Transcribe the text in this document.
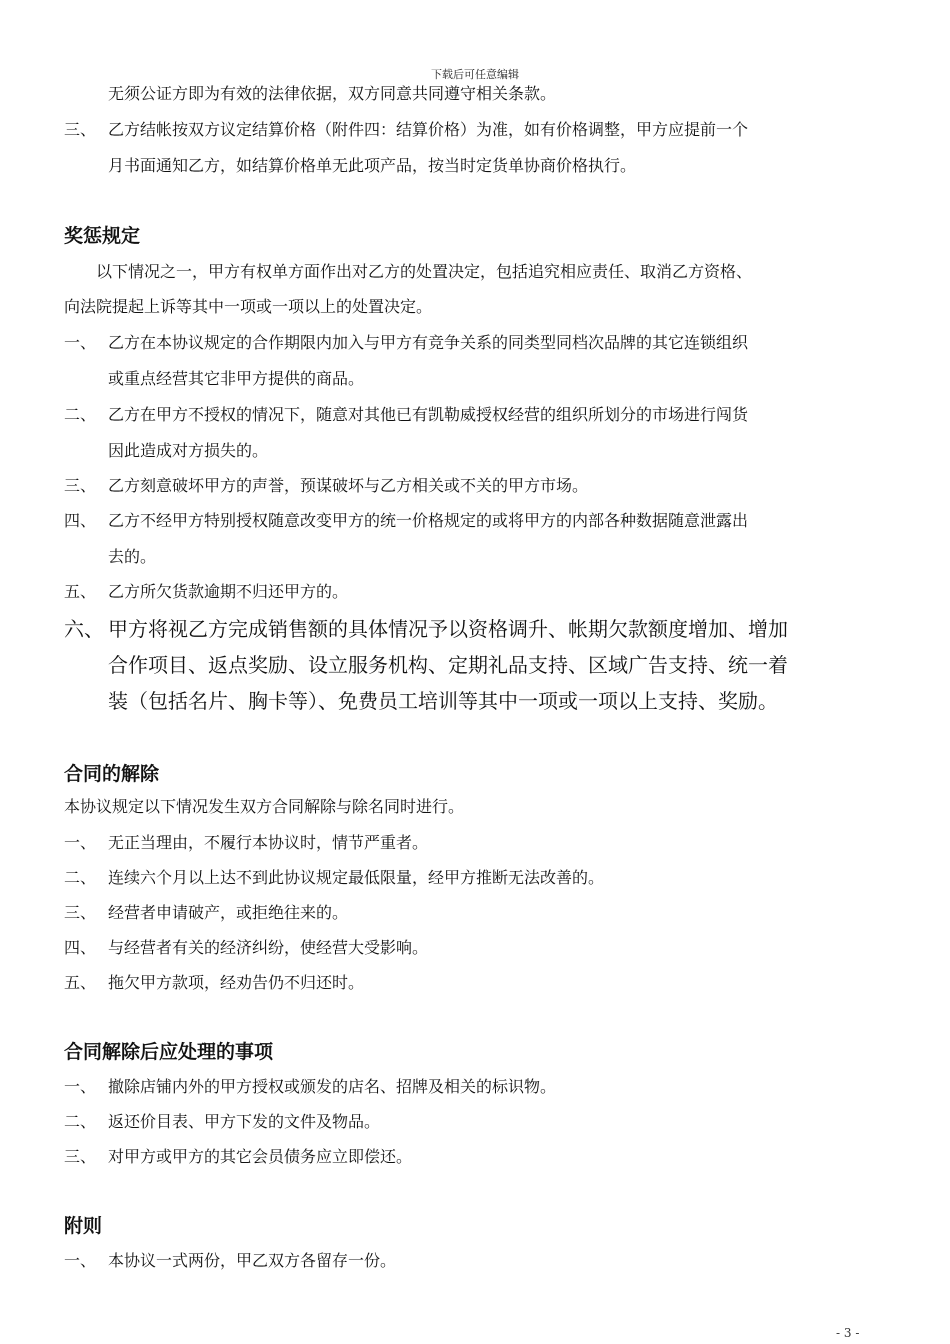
下载后可任意编辑
无须公证方即为有效的法律依据，双方同意共同遵守相关条款。
三、 乙方结帐按双方议定结算价格（附件四：结算价格）为准，如有价格调整，甲方应提前一个
月书面通知乙方，如结算价格单无此项产品，按当时定货单协商价格执行。
奖惩规定
以下情况之一，甲方有权单方面作出对乙方的处置决定，包括追究相应责任、取消乙方资格、
向法院提起上诉等其中一项或一项以上的处置决定。
一、 乙方在本协议规定的合作期限内加入与甲方有竞争关系的同类型同档次品牌的其它连锁组织
或重点经营其它非甲方提供的商品。
二、 乙方在甲方不授权的情况下，随意对其他已有凯勒威授权经营的组织所划分的市场进行闯货
因此造成对方损失的。
三、 乙方刻意破坏甲方的声誉，预谋破坏与乙方相关或不关的甲方市场。
四、 乙方不经甲方特别授权随意改变甲方的统一价格规定的或将甲方的内部各种数据随意泄露出
去的。
五、 乙方所欠货款逾期不归还甲方的。
六、 甲方将视乙方完成销售额的具体情况予以资格调升、帐期欠款额度增加、增加
合作项目、返点奖励、设立服务机构、定期礼品支持、区域广告支持、统一着
装（包括名片、胸卡等）、免费员工培训等其中一项或一项以上支持、奖励。
合同的解除
本协议规定以下情况发生双方合同解除与除名同时进行。
一、 无正当理由，不履行本协议时，情节严重者。
二、 连续六个月以上达不到此协议规定最低限量，经甲方推断无法改善的。
三、 经营者申请破产，或拒绝往来的。
四、 与经营者有关的经济纠纷，使经营大受影响。
五、 拖欠甲方款项，经劝告仍不归还时。
合同解除后应处理的事项
一、 撤除店铺内外的甲方授权或颁发的店名、招牌及相关的标识物。
二、 返还价目表、甲方下发的文件及物品。
三、 对甲方或甲方的其它会员债务应立即偿还。
附则
一、 本协议一式两份，甲乙双方各留存一份。
- 3 -
